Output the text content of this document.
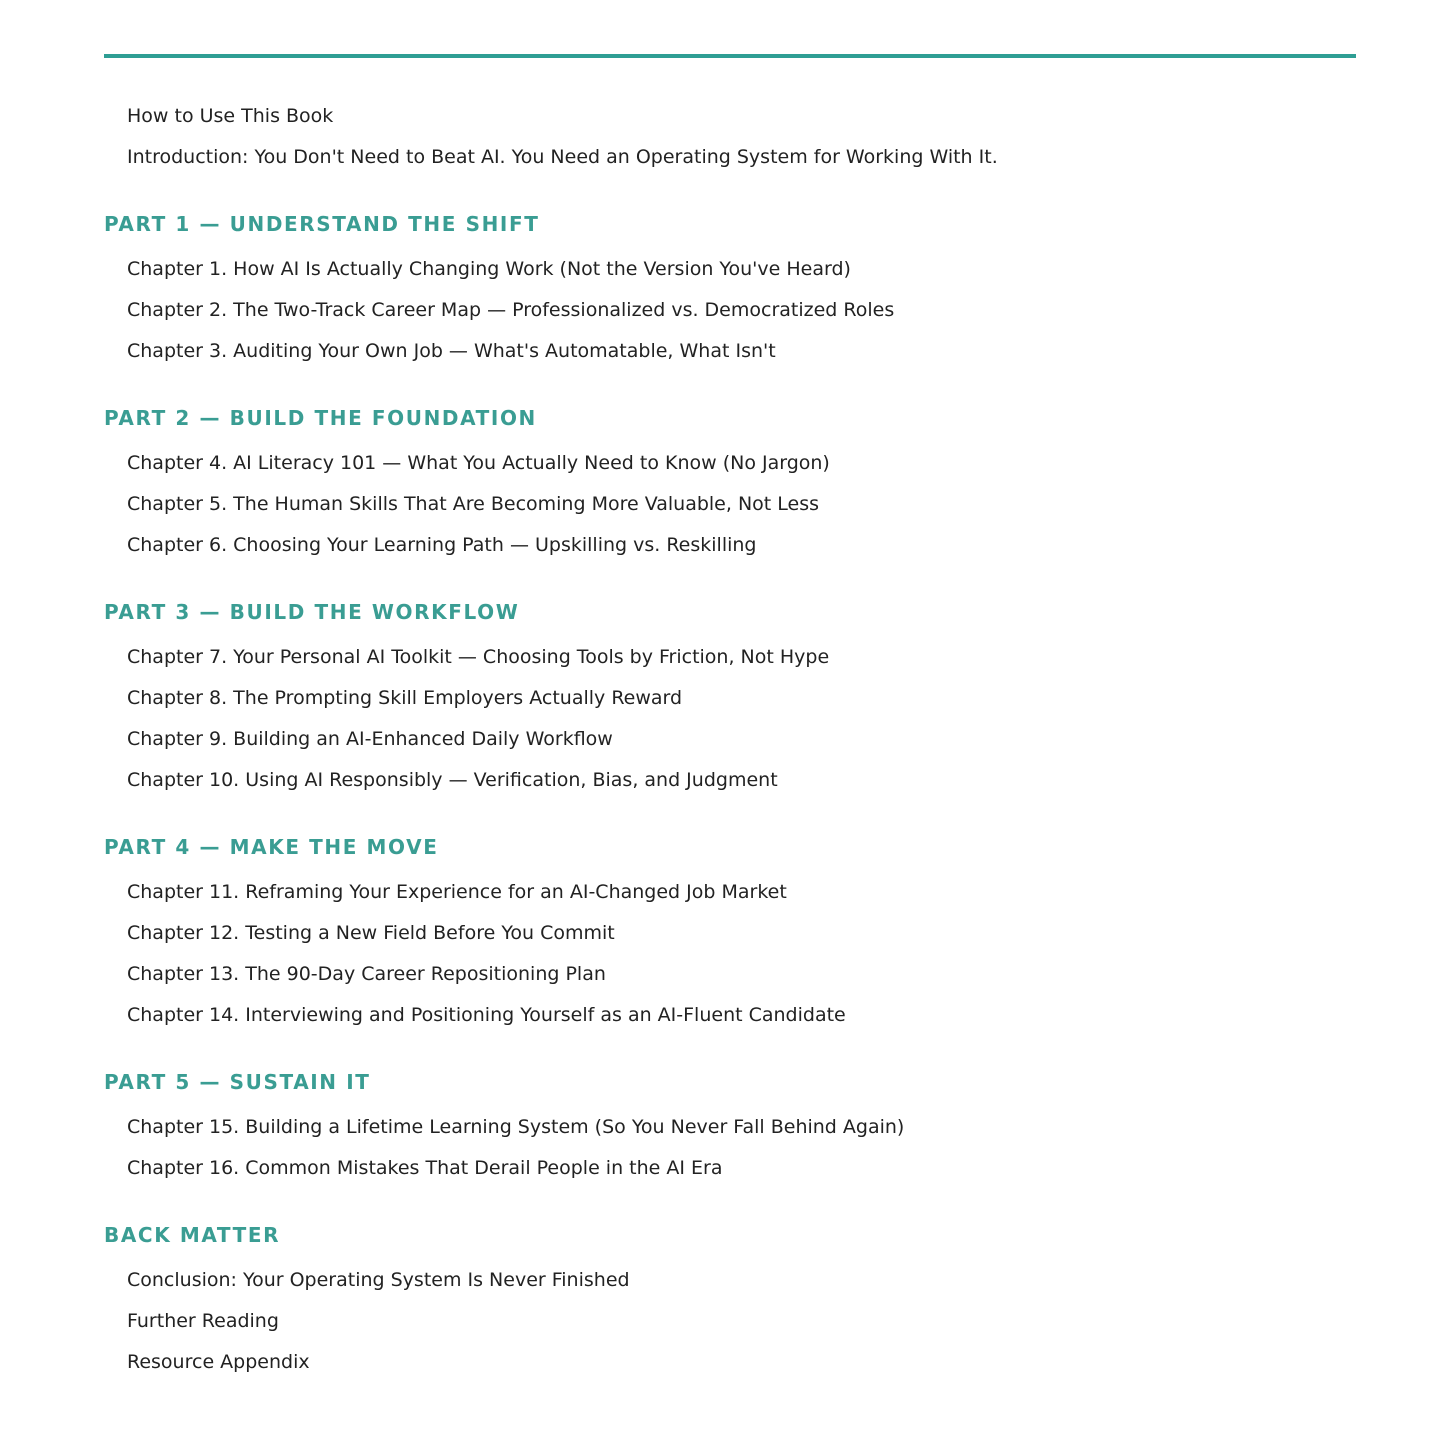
How to Use This Book
Introduction: You Don't Need to Beat AI. You Need an Operating System for Working With It.
PART 1 — UNDERSTAND THE SHIFT
Chapter 1. How AI Is Actually Changing Work (Not the Version You've Heard)
Chapter 2. The Two-Track Career Map — Professionalized vs. Democratized Roles
Chapter 3. Auditing Your Own Job — What's Automatable, What Isn't
PART 2 — BUILD THE FOUNDATION
Chapter 4. AI Literacy 101 — What You Actually Need to Know (No Jargon)
Chapter 5. The Human Skills That Are Becoming More Valuable, Not Less
Chapter 6. Choosing Your Learning Path — Upskilling vs. Reskilling
PART 3 — BUILD THE WORKFLOW
Chapter 7. Your Personal AI Toolkit — Choosing Tools by Friction, Not Hype
Chapter 8. The Prompting Skill Employers Actually Reward
Chapter 9. Building an AI-Enhanced Daily Workflow
Chapter 10. Using AI Responsibly — Verification, Bias, and Judgment
PART 4 — MAKE THE MOVE
Chapter 11. Reframing Your Experience for an AI-Changed Job Market
Chapter 12. Testing a New Field Before You Commit
Chapter 13. The 90-Day Career Repositioning Plan
Chapter 14. Interviewing and Positioning Yourself as an AI-Fluent Candidate
PART 5 — SUSTAIN IT
Chapter 15. Building a Lifetime Learning System (So You Never Fall Behind Again)
Chapter 16. Common Mistakes That Derail People in the AI Era
BACK MATTER
Conclusion: Your Operating System Is Never Finished
Further Reading
Resource Appendix
